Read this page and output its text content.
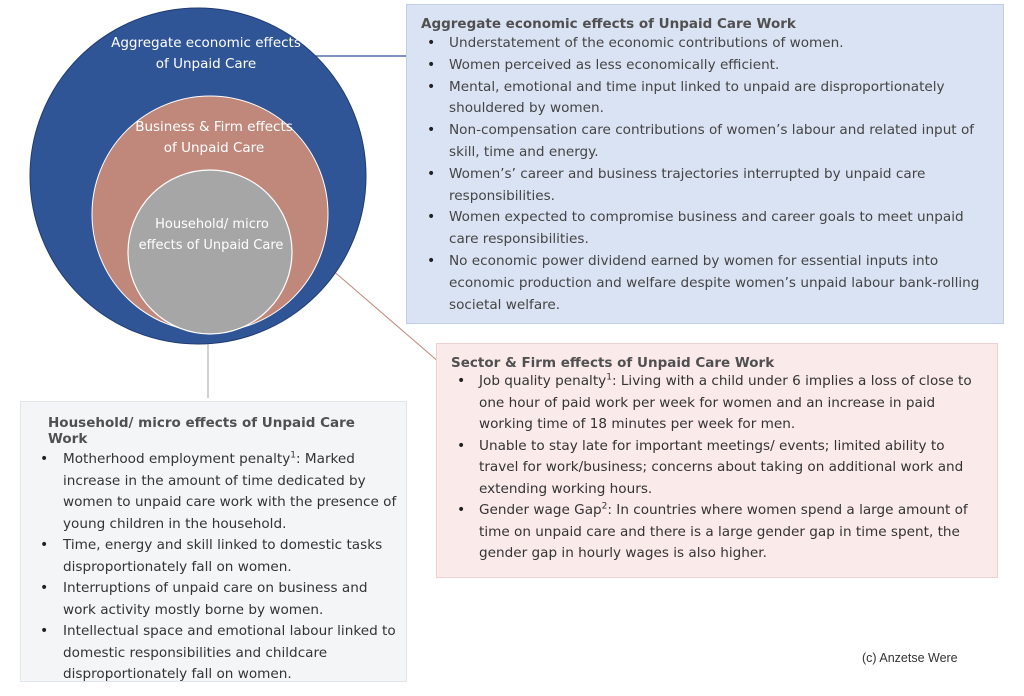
Aggregate economic effects
of Unpaid Care
Business & Firm effects
of Unpaid Care
Household/ micro
effects of Unpaid Care
Aggregate economic effects of Unpaid Care Work
• Understatement of the economic contributions of women.
• Women perceived as less economically efficient.
• Mental, emotional and time input linked to unpaid are disproportionately shouldered by women.
• Non-compensation care contributions of women’s labour and related input of skill, time and energy.
• Women’s’ career and business trajectories interrupted by unpaid care responsibilities.
• Women expected to compromise business and career goals to meet unpaid care responsibilities.
• No economic power dividend earned by women for essential inputs into economic production and welfare despite women’s unpaid labour bank-rolling societal welfare.
Sector & Firm effects of Unpaid Care Work
• Job quality penalty$^1$: Living with a child under 6 implies a loss of close to one hour of paid work per week for women and an increase in paid working time of 18 minutes per week for men.
• Unable to stay late for important meetings/ events; limited ability to travel for work/business; concerns about taking on additional work and extending working hours.
• Gender wage Gap$^2$: In countries where women spend a large amount of time on unpaid care and there is a large gender gap in time spent, the gender gap in hourly wages is also higher.
Household/ micro effects of Unpaid Care Work
• Motherhood employment penalty$^1$: Marked increase in the amount of time dedicated by women to unpaid care work with the presence of young children in the household.
• Time, energy and skill linked to domestic tasks disproportionately fall on women.
• Interruptions of unpaid care on business and work activity mostly borne by women.
• Intellectual space and emotional labour linked to domestic responsibilities and childcare disproportionately fall on women.
(c) Anzetse Were
